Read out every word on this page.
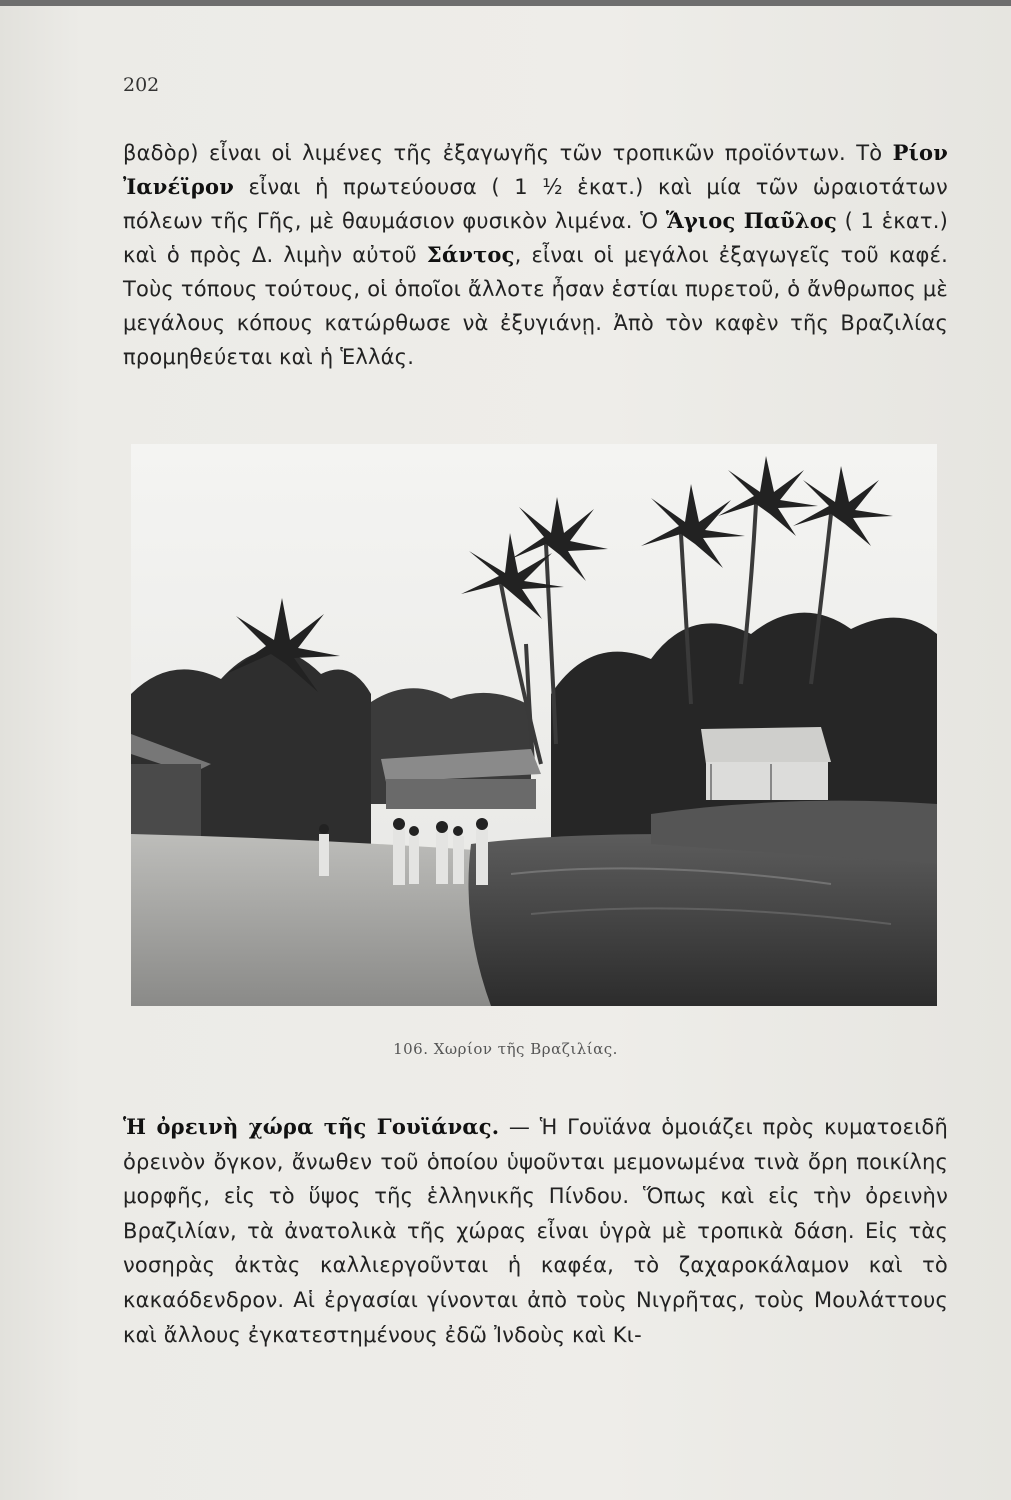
202

βαδὸρ) εἶναι οἱ λιμένες τῆς ἐξαγωγῆς τῶν τροπικῶν προϊόντων. Τὸ Ρίον Ἰανέϊρον εἶναι ἡ πρωτεύουσα ( 1 ½ ἑκατ.) καὶ μία τῶν ὡραιοτάτων πόλεων τῆς Γῆς, μὲ θαυμάσιον φυσικὸν λιμένα. Ὁ Ἅγιος Παῦλος ( 1 ἑκατ.) καὶ ὁ πρὸς Δ. λιμὴν αὐτοῦ Σάντος, εἶναι οἱ μεγάλοι ἐξαγωγεῖς τοῦ καφέ. Τοὺς τόπους τούτους, οἱ ὁποῖοι ἄλλοτε ἦσαν ἑστίαι πυρετοῦ, ὁ ἄνθρωπος μὲ μεγάλους κόπους κατώρθωσε νὰ ἐξυγιάνῃ. Ἀπὸ τὸν καφὲν τῆς Βραζιλίας προμηθεύεται καὶ ἡ Ἑλλάς.

106. Χωρίον τῆς Βραζιλίας.

Ἡ ὀρεινὴ χώρα τῆς Γουϊάνας. — Ἡ Γουϊάνα ὁμοιάζει πρὸς κυματοειδῆ ὀρεινὸν ὄγκον, ἄνωθεν τοῦ ὁποίου ὑψοῦνται μεμονωμένα τινὰ ὄρη ποικίλης μορφῆς, εἰς τὸ ὕψος τῆς ἑλληνικῆς Πίνδου. Ὅπως καὶ εἰς τὴν ὀρεινὴν Βραζιλίαν, τὰ ἀνατολικὰ τῆς χώρας εἶναι ὑγρὰ μὲ τροπικὰ δάση. Εἰς τὰς νοσηρὰς ἀκτὰς καλλιεργοῦνται ἡ καφέα, τὸ ζαχαροκάλαμον καὶ τὸ κακαόδενδρον. Αἱ ἐργασίαι γίνονται ἀπὸ τοὺς Νιγρῆτας, τοὺς Μουλάττους καὶ ἄλλους ἐγκατεστημένους ἐδῶ Ἰνδοὺς καὶ Κι-
